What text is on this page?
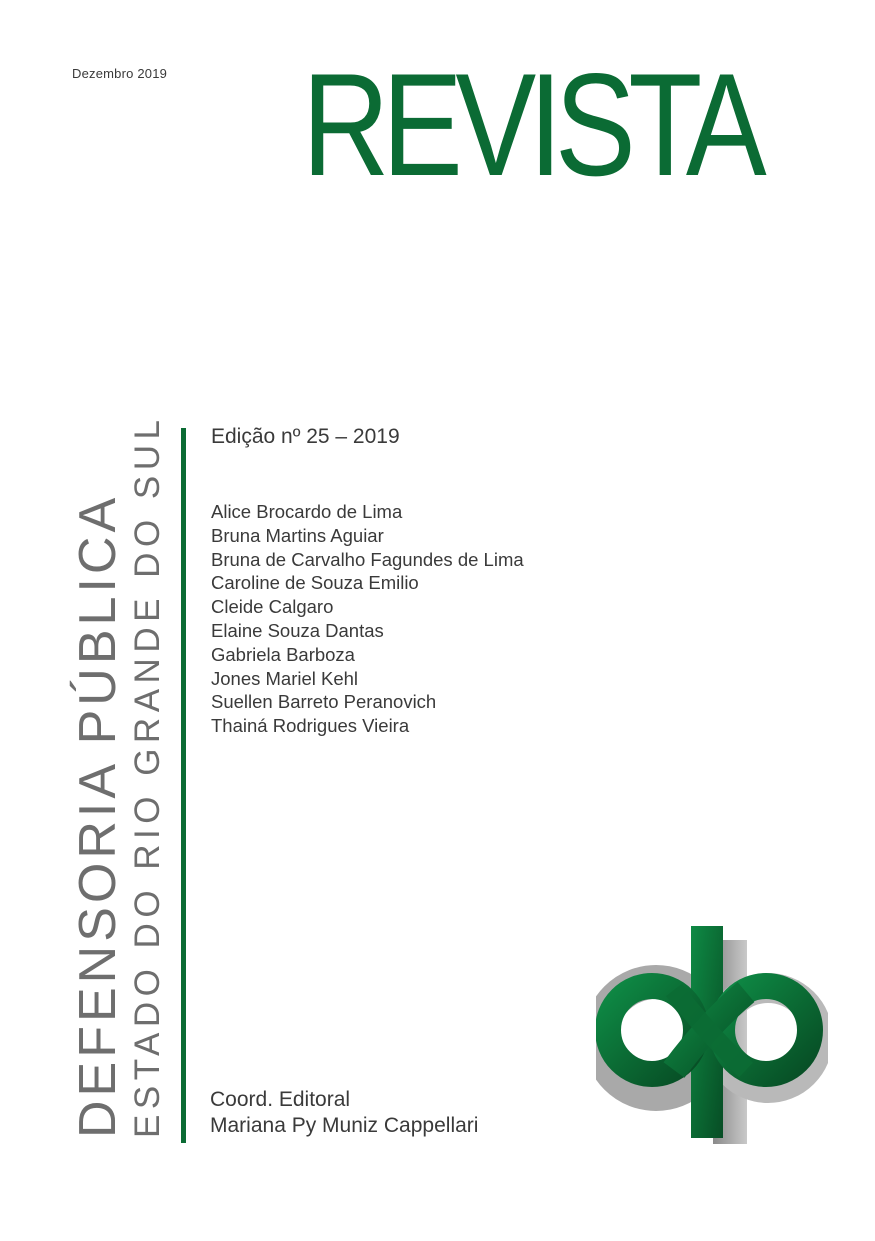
Dezembro 2019 REVISTA
DEFENSORIA PÚBLICA ESTADO DO RIO GRANDE DO SUL Edição nº 25 – 2019
Alice Brocardo de Lima
Bruna Martins Aguiar
Bruna de Carvalho Fagundes de Lima
Caroline de Souza Emilio
Cleide Calgaro
Elaine Souza Dantas
Gabriela Barboza
Jones Mariel Kehl
Suellen Barreto Peranovich
Thainá Rodrigues Vieira
Coord. Editoral
Mariana Py Muniz Cappellari
